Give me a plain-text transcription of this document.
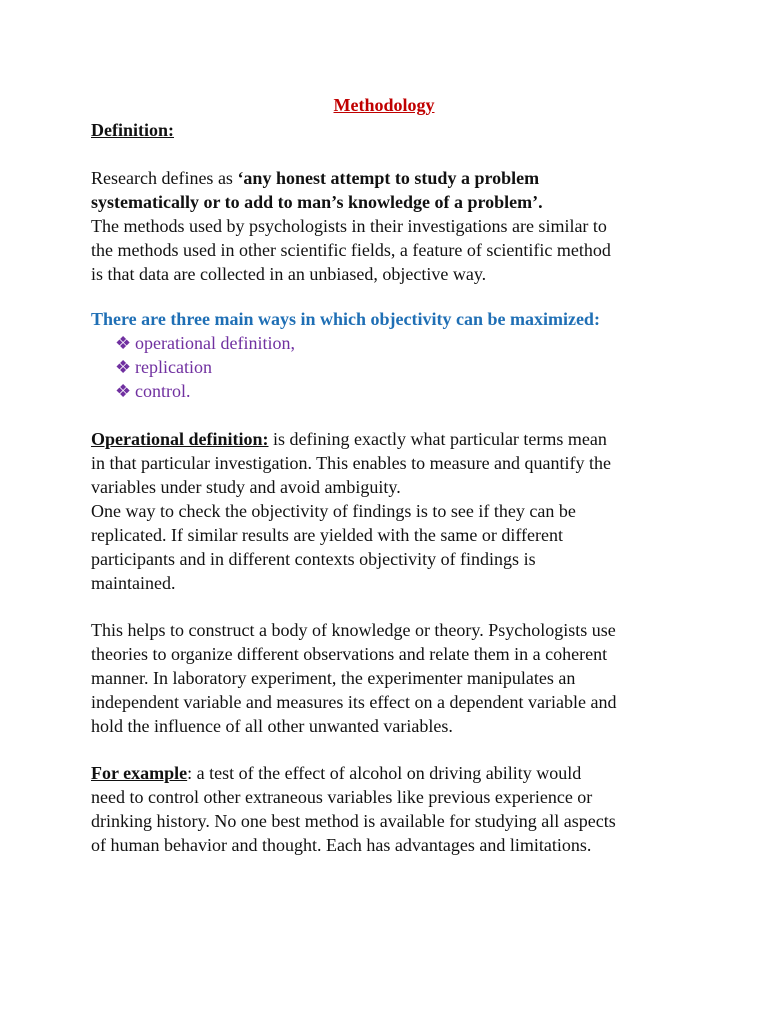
Methodology
Definition:
Research defines as ‘any honest attempt to study a problem
systematically or to add to man’s knowledge of a problem’.
The methods used by psychologists in their investigations are similar to
the methods used in other scientific fields, a feature of scientific method
is that data are collected in an unbiased, objective way.
There are three main ways in which objectivity can be maximized:
❖ operational definition,
❖ replication
❖ control.
Operational definition: is defining exactly what particular terms mean
in that particular investigation. This enables to measure and quantify the
variables under study and avoid ambiguity.
One way to check the objectivity of findings is to see if they can be
replicated. If similar results are yielded with the same or different
participants and in different contexts objectivity of findings is
maintained.
This helps to construct a body of knowledge or theory. Psychologists use
theories to organize different observations and relate them in a coherent
manner. In laboratory experiment, the experimenter manipulates an
independent variable and measures its effect on a dependent variable and
hold the influence of all other unwanted variables.
For example: a test of the effect of alcohol on driving ability would
need to control other extraneous variables like previous experience or
drinking history. No one best method is available for studying all aspects
of human behavior and thought. Each has advantages and limitations.
